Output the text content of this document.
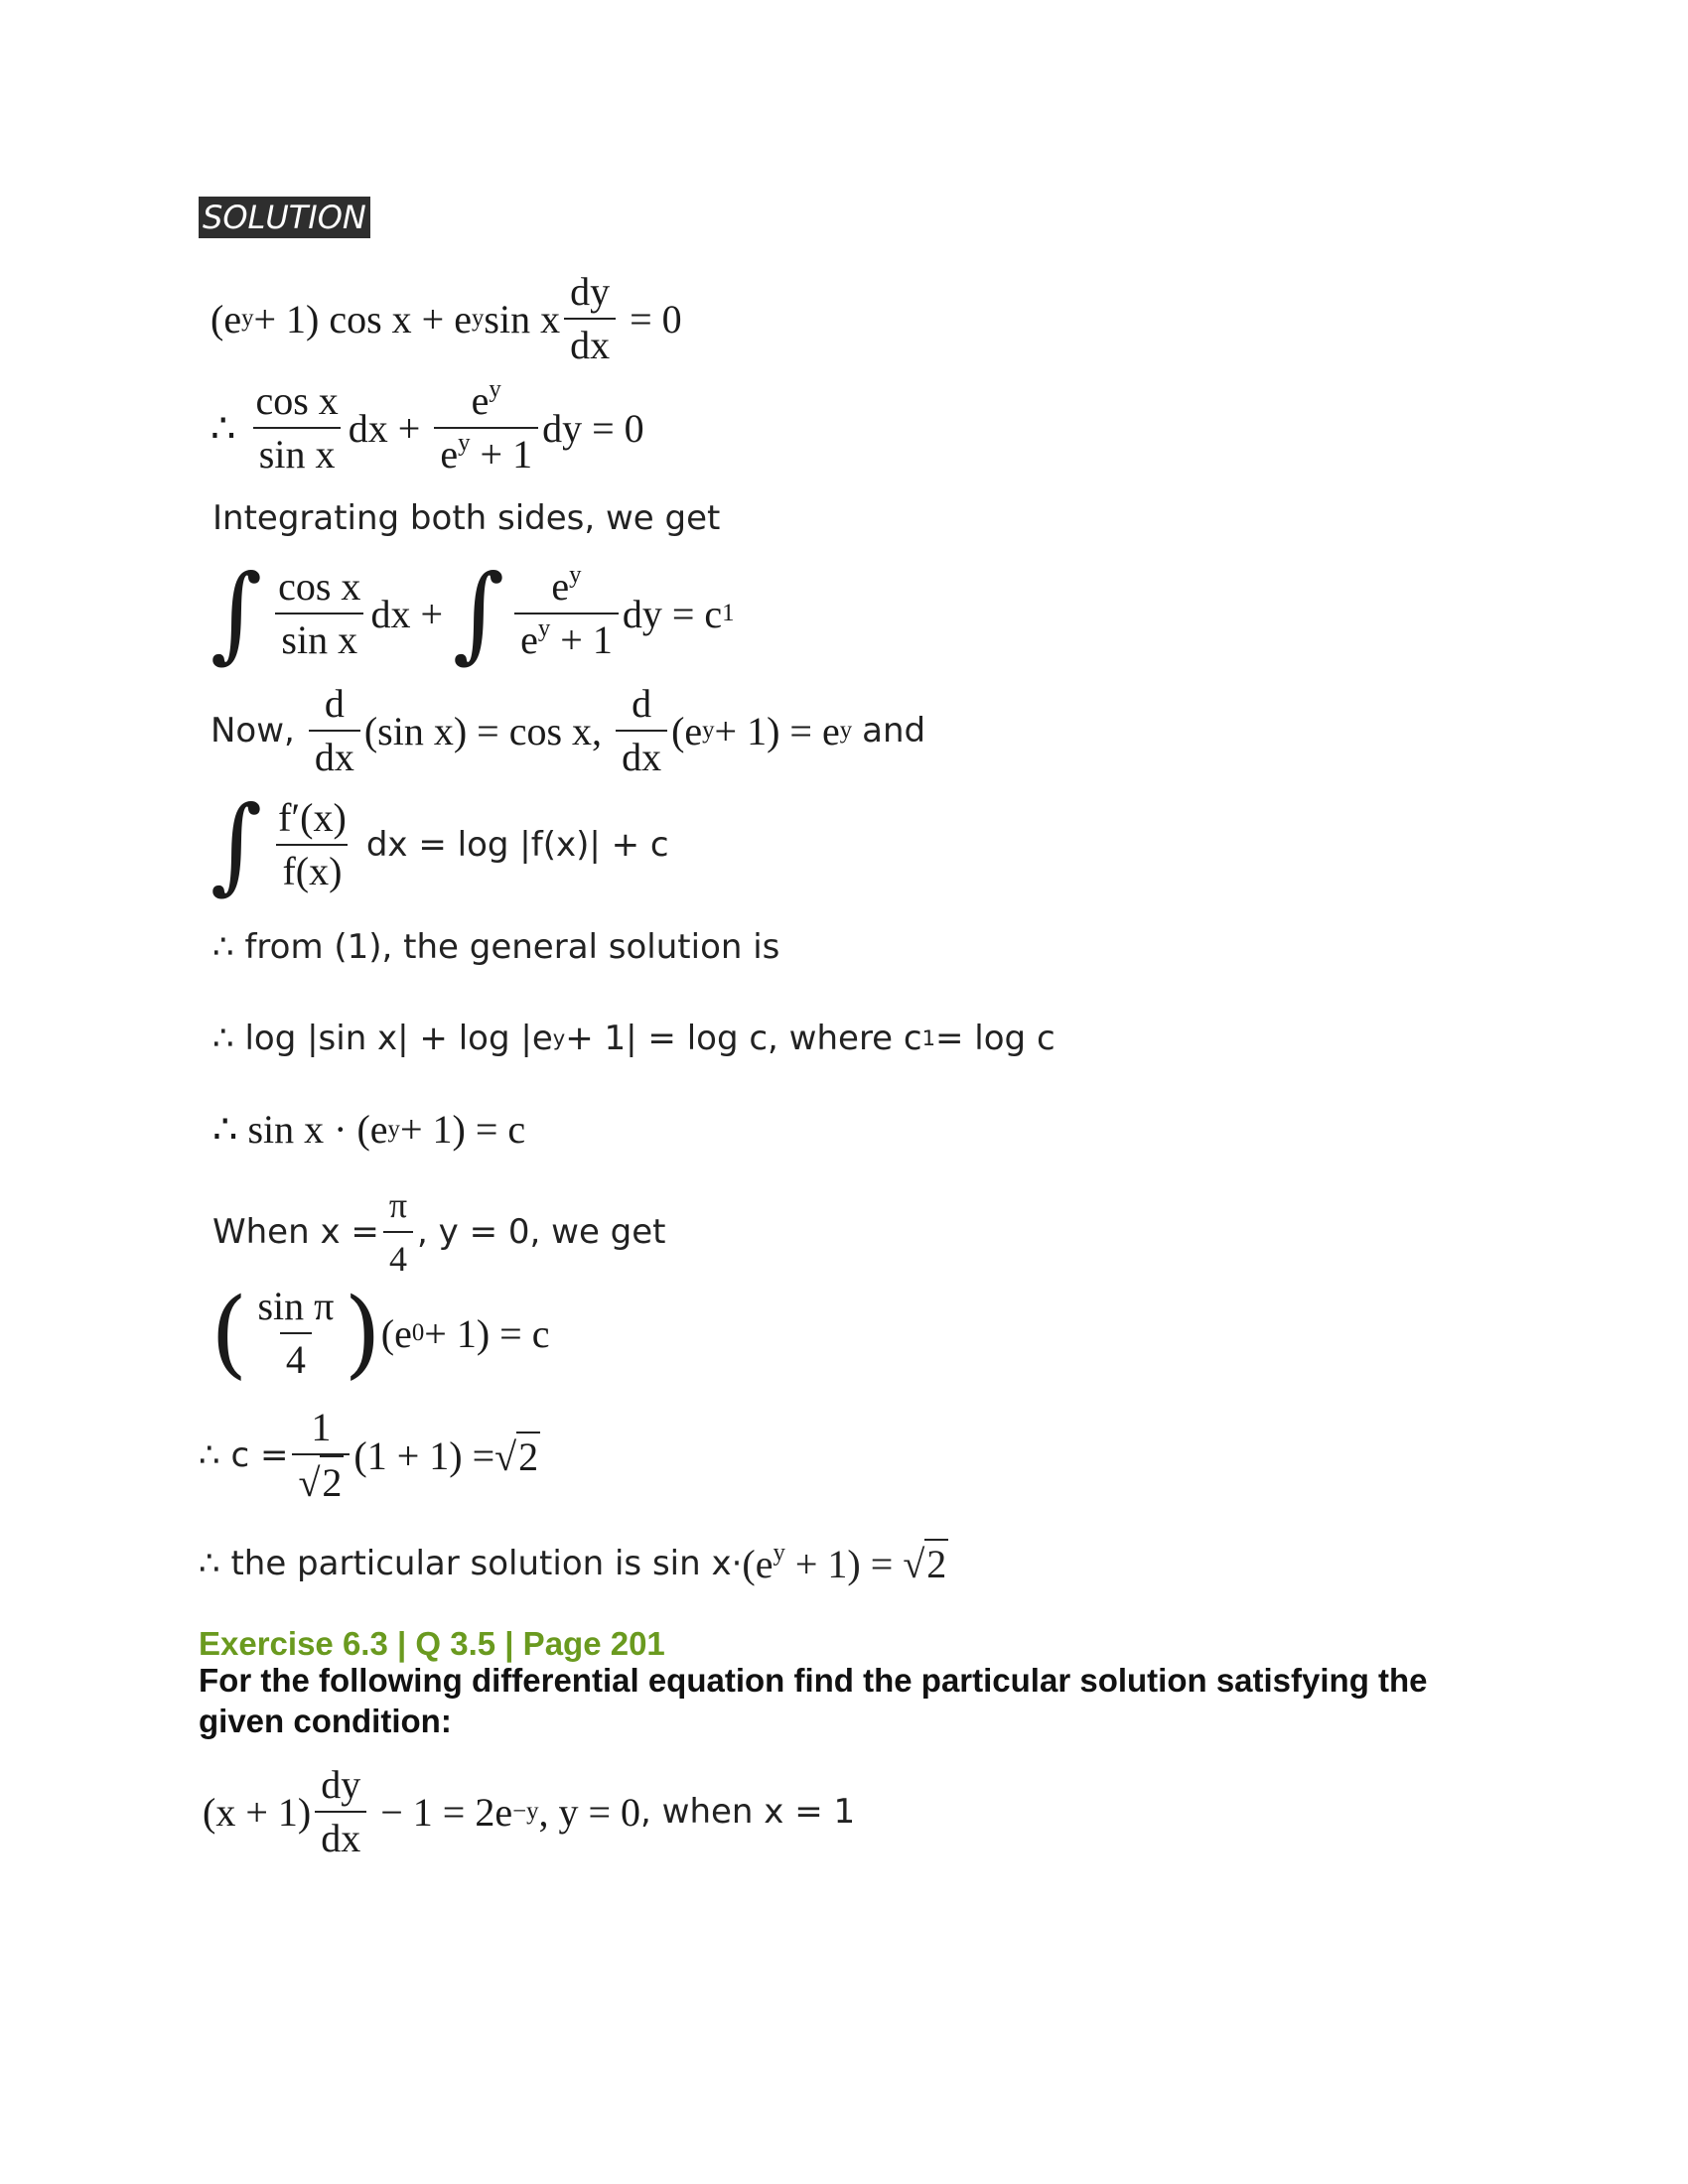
SOLUTION
(e y + 1) cos x + e y sin x $\frac{dy}{dx} = 0$
∴ $\frac{\text{cos x}}{\text{sin x}}$ dx + $\frac{e^y}{e^y + 1}$ dy = 0
Integrating both sides, we get
∫ $\frac{\text{cos x}}{\text{sin x}}$ dx + ∫ $\frac{e^y}{e^y + 1}$ dy = c 1
Now,
$\frac{d}{dx} (\sin$ x) = cos x, $\frac{d}{dx} (e$ y + 1) = e y
and
∫ $\frac{f'(x)}{f(x)}$
dx = log |f(x)| + c
∴ from (1), the general solution is
∴ log |sin x| + log |e y + 1| = log c, where c 1 = log c
∴ sin x · (e y + 1) = c
When $x = \frac{\pi}{4}$ , y = 0, we get
( $\frac{\text{sin π}}{4}$ ) (e 0 + 1) = c
∴ $c = \frac{1}{√ 2} (1 + 1)$ = √ 2
∴ the particular solution is $\sin x\cdot (e^y + 1)$ = √ 2
Exercise 6.3 | Q 3.5 | Page 201
For the following differential equation find the particular solution satisfying the given condition:
$(x + 1) \frac{dy}{dx} - 1 = 2e -y$ , y = 0 , when x = 1
